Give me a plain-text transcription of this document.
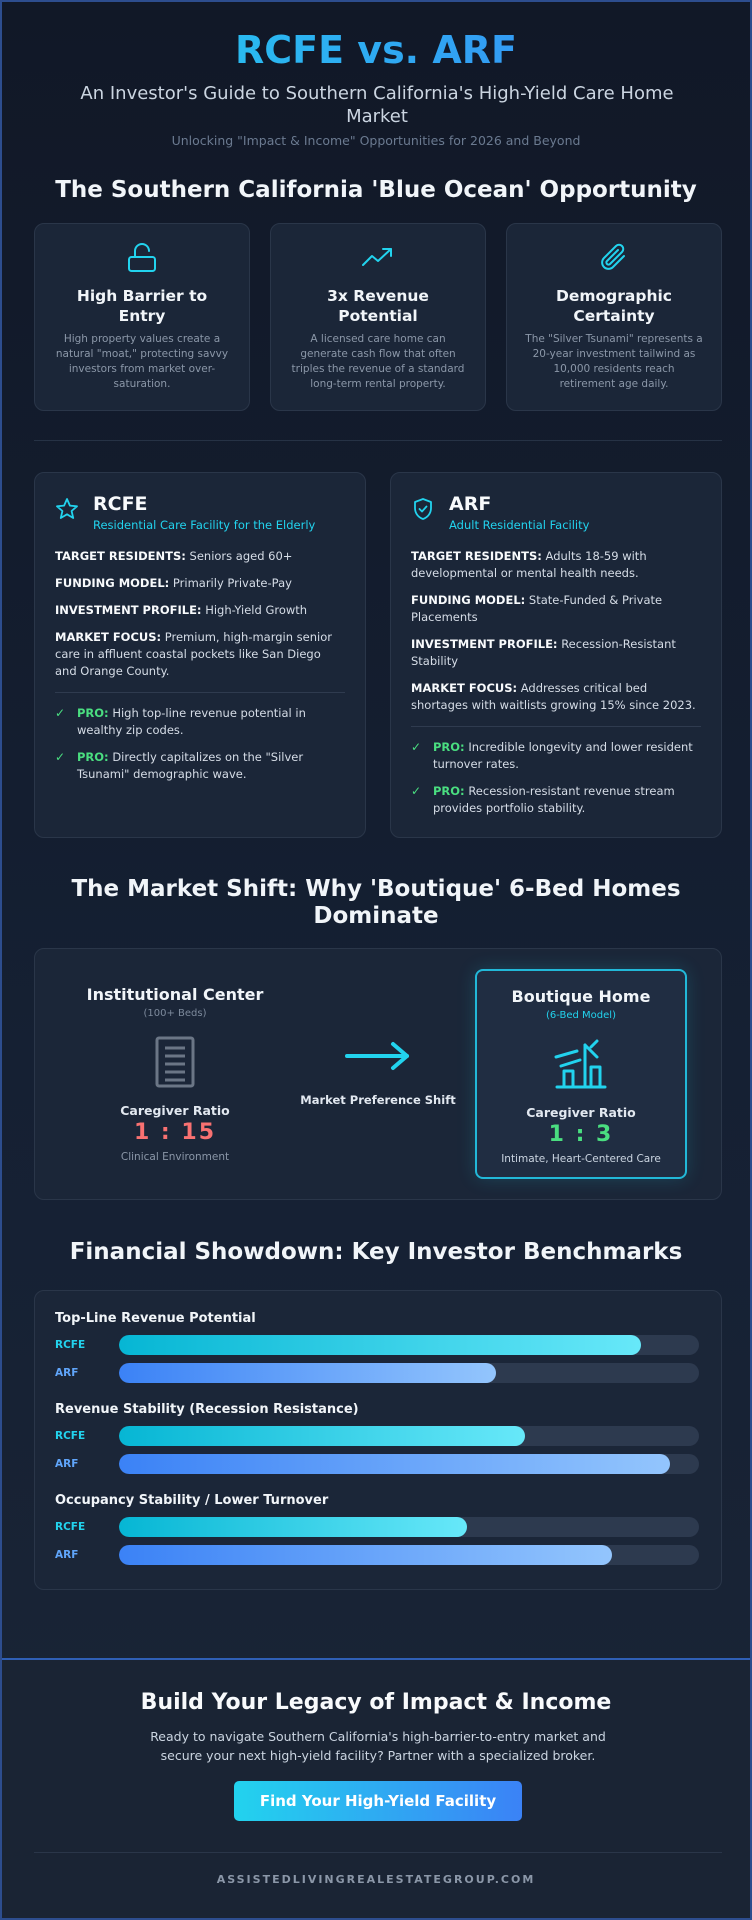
RCFE vs. ARF
An Investor's Guide to Southern California's High-Yield Care Home Market
Unlocking "Impact & Income" Opportunities for 2026 and Beyond
The Southern California 'Blue Ocean' Opportunity
High Barrier to Entry
High property values create a natural "moat," protecting savvy investors from market over-saturation.
3x Revenue Potential
A licensed care home can generate cash flow that often triples the revenue of a standard long-term rental property.
Demographic Certainty
The "Silver Tsunami" represents a 20-year investment tailwind as 10,000 residents reach retirement age daily.
RCFE
Residential Care Facility for the Elderly
TARGET RESIDENTS: Seniors aged 60+
FUNDING MODEL: Primarily Private-Pay
INVESTMENT PROFILE: High-Yield Growth
MARKET FOCUS: Premium, high-margin senior care in affluent coastal pockets like San Diego and Orange County.
✓	PRO: High top-line revenue potential in wealthy zip codes.
✓	PRO: Directly capitalizes on the "Silver Tsunami" demographic wave.
ARF
Adult Residential Facility
TARGET RESIDENTS: Adults 18-59 with developmental or mental health needs.
FUNDING MODEL: State-Funded & Private Placements
INVESTMENT PROFILE: Recession-Resistant Stability
MARKET FOCUS: Addresses critical bed shortages with waitlists growing 15% since 2023.
✓	PRO: Incredible longevity and lower resident turnover rates.
✓	PRO: Recession-resistant revenue stream provides portfolio stability.
The Market Shift: Why 'Boutique' 6-Bed Homes Dominate
Institutional Center
(100+ Beds)
Caregiver Ratio
1 : 15
Clinical Environment
Market Preference Shift
Boutique Home
(6-Bed Model)
Caregiver Ratio
1 : 3
Intimate, Heart-Centered Care
Financial Showdown: Key Investor Benchmarks
Top-Line Revenue Potential
RCFE
ARF
Revenue Stability (Recession Resistance)
RCFE
ARF
Occupancy Stability / Lower Turnover
RCFE
ARF
Build Your Legacy of Impact & Income
Ready to navigate Southern California's high-barrier-to-entry market and secure your next high-yield facility? Partner with a specialized broker.
Find Your High-Yield Facility
ASSISTEDLIVINGREALESTATEGROUP.COM
